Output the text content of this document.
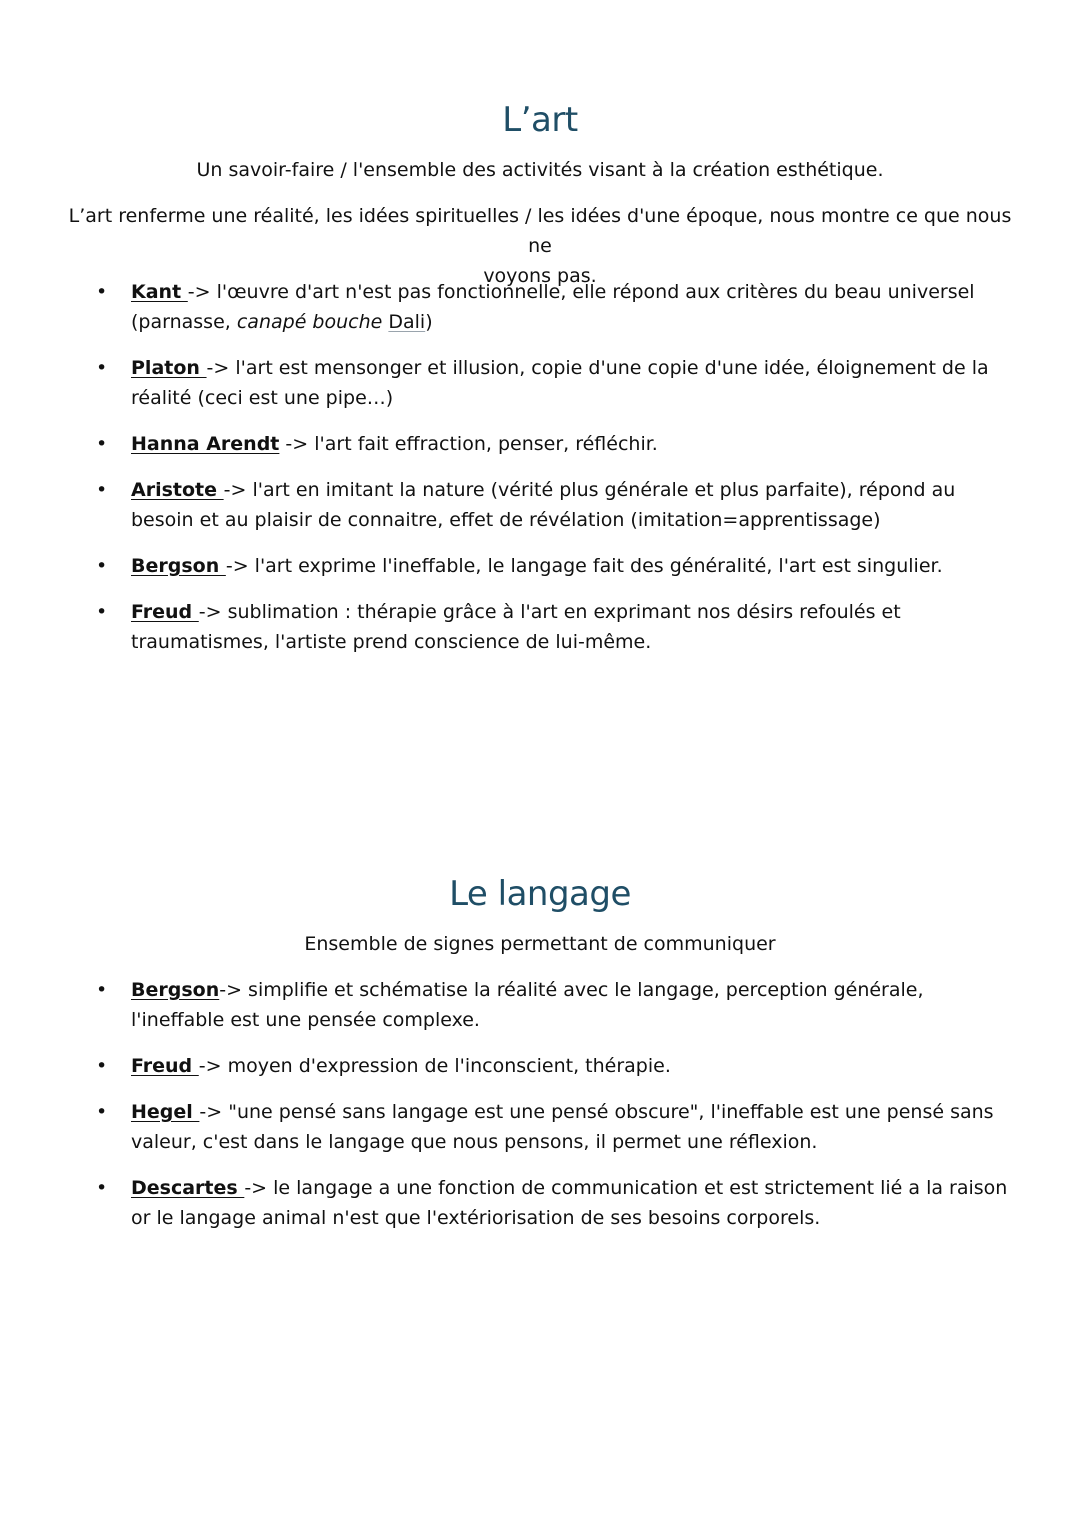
L’art

Un savoir-faire / l'ensemble des activités visant à la création esthétique.

L’art renferme une réalité, les idées spirituelles / les idées d'une époque, nous montre ce que nous ne
voyons pas.

• Kant -> l'œuvre d'art n'est pas fonctionnelle, elle répond aux critères du beau universel (parnasse, canapé bouche Dali)
• Platon -> l'art est mensonger et illusion, copie d'une copie d'une idée, éloignement de la réalité (ceci est une pipe…)
• Hanna Arendt -> l'art fait effraction, penser, réfléchir.
• Aristote -> l'art en imitant la nature (vérité plus générale et plus parfaite), répond au besoin et au plaisir de connaitre, effet de révélation (imitation=apprentissage)
• Bergson -> l'art exprime l'ineffable, le langage fait des généralité, l'art est singulier.
• Freud -> sublimation : thérapie grâce à l'art en exprimant nos désirs refoulés et traumatismes, l'artiste prend conscience de lui-même.
Le langage

Ensemble de signes permettant de communiquer

• Bergson-> simplifie et schématise la réalité avec le langage, perception générale, l'ineffable est une pensée complexe.
• Freud -> moyen d'expression de l'inconscient, thérapie.
• Hegel -> "une pensé sans langage est une pensé obscure", l'ineffable est une pensé sans valeur, c'est dans le langage que nous pensons, il permet une réflexion.
• Descartes -> le langage a une fonction de communication et est strictement lié a la raison or le langage animal n'est que l'extériorisation de ses besoins corporels.
